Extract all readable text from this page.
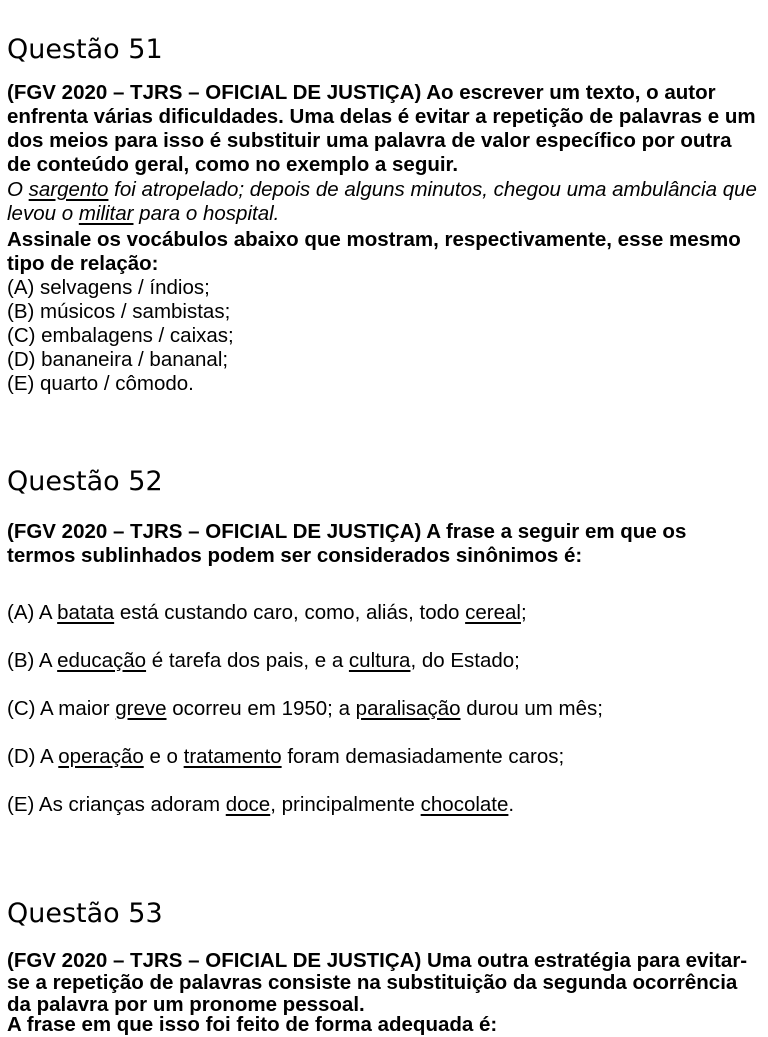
Questão 51

(FGV 2020 – TJRS – OFICIAL DE JUSTIÇA) Ao escrever um texto, o autor enfrenta várias dificuldades. Uma delas é evitar a repetição de palavras e um dos meios para isso é substituir uma palavra de valor específico por outra de conteúdo geral, como no exemplo a seguir.

O sargento foi atropelado; depois de alguns minutos, chegou uma ambulância que levou o militar para o hospital.

Assinale os vocábulos abaixo que mostram, respectivamente, esse mesmo tipo de relação:

(A) selvagens / índios;

(B) músicos / sambistas;

(C) embalagens / caixas;

(D) bananeira / bananal;

(E) quarto / cômodo.

Questão 52

(FGV 2020 – TJRS – OFICIAL DE JUSTIÇA) A frase a seguir em que os termos sublinhados podem ser considerados sinônimos é:

(A) A batata está custando caro, como, aliás, todo cereal;

(B) A educação é tarefa dos pais, e a cultura, do Estado;

(C) A maior greve ocorreu em 1950; a paralisação durou um mês;

(D) A operação e o tratamento foram demasiadamente caros;

(E) As crianças adoram doce, principalmente chocolate.

Questão 53

(FGV 2020 – TJRS – OFICIAL DE JUSTIÇA) Uma outra estratégia para evitar-se a repetição de palavras consiste na substituição da segunda ocorrência da palavra por um pronome pessoal.

A frase em que isso foi feito de forma adequada é:
